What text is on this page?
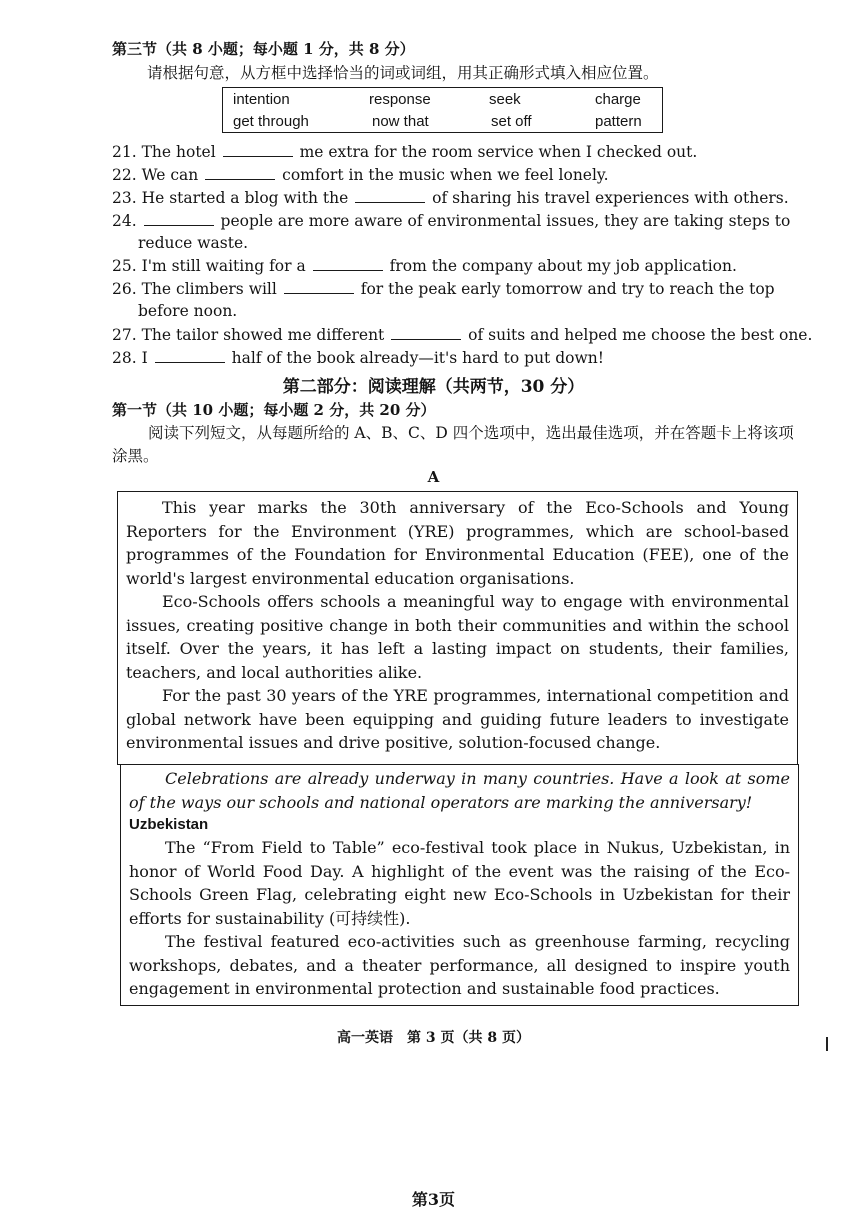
第三节（共 8 小题；每小题 1 分，共 8 分）
请根据句意，从方框中选择恰当的词或词组，用其正确形式填入相应位置。
intention	response	seek	charge
get through	now that	set off	pattern
21. The hotel	me extra for the room service when I checked out.
22. We can	comfort in the music when we feel lonely.
23. He started a blog with the	of sharing his travel experiences with others.
24.	people are more aware of environmental issues, they are taking steps to
reduce waste.
25. I'm still waiting for a	from the company about my job application.
26. The climbers will	for the peak early tomorrow and try to reach the top
before noon.
27. The tailor showed me different	of suits and helped me choose the best one.
28. I	half of the book already—it's hard to put down!
第二部分：阅读理解（共两节，30 分）
第一节（共 10 小题；每小题 2 分，共 20 分）
阅读下列短文，从每题所给的 A、B、C、D 四个选项中，选出最佳选项，并在答题卡上将该项涂黑。
A

This year marks the 30th anniversary of the Eco-Schools and Young Reporters for the Environment (YRE) programmes, which are school-based programmes of the Foundation for Environmental Education (FEE), one of the world's largest environmental education organisations.

Eco-Schools offers schools a meaningful way to engage with environmental issues, creating positive change in both their communities and within the school itself. Over the years, it has left a lasting impact on students, their families, teachers, and local authorities alike.

For the past 30 years of the YRE programmes, international competition and global network have been equipping and guiding future leaders to investigate environmental issues and drive positive, solution-focused change.

Celebrations are already underway in many countries. Have a look at some of the ways our schools and national operators are marking the anniversary!

Uzbekistan

The “From Field to Table” eco-festival took place in Nukus, Uzbekistan, in honor of World Food Day. A highlight of the event was the raising of the Eco-Schools Green Flag, celebrating eight new Eco-Schools in Uzbekistan for their efforts for sustainability (可持续性).

The festival featured eco-activities such as greenhouse farming, recycling workshops, debates, and a theater performance, all designed to inspire youth engagement in environmental protection and sustainable food practices.

高一英语　第 3 页（共 8 页）
第3页
